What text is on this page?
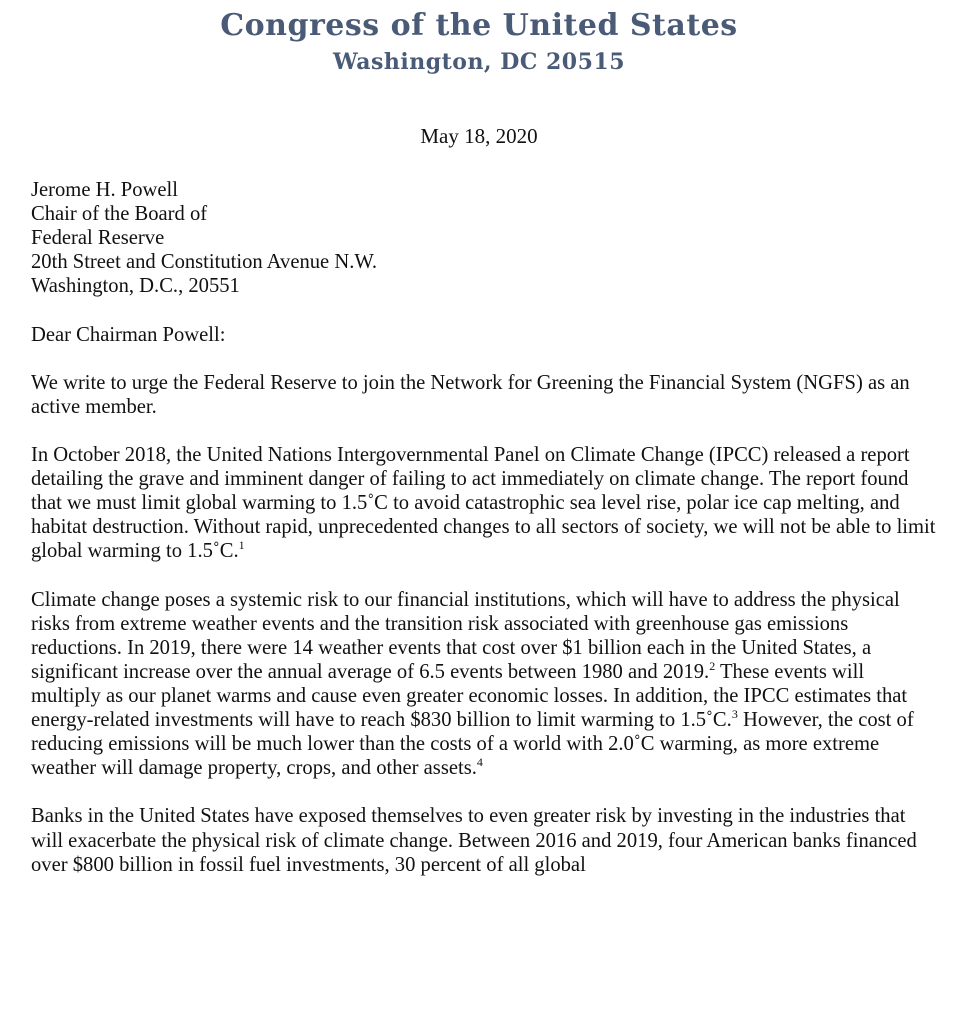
Congress of the United States
Washington, DC 20515
May 18, 2020
Jerome H. Powell
Chair of the Board of
Federal Reserve
20th Street and Constitution Avenue N.W.
Washington, D.C., 20551

Dear Chairman Powell:

We write to urge the Federal Reserve to join the Network for Greening the Financial System (NGFS) as an active member.

In October 2018, the United Nations Intergovernmental Panel on Climate Change (IPCC) released a report detailing the grave and imminent danger of failing to act immediately on climate change. The report found that we must limit global warming to 1.5˚C to avoid catastrophic sea level rise, polar ice cap melting, and habitat destruction. Without rapid, unprecedented changes to all sectors of society, we will not be able to limit global warming to 1.5˚C.$^1$

Climate change poses a systemic risk to our financial institutions, which will have to address the physical risks from extreme weather events and the transition risk associated with greenhouse gas emissions reductions. In 2019, there were 14 weather events that cost over $1 billion each in the United States, a significant increase over the annual average of 6.5 events between 1980 and 2019.$^2$ These events will multiply as our planet warms and cause even greater economic losses. In addition, the IPCC estimates that energy-related investments will have to reach $830 billion to limit warming to 1.5˚C.$^3$ However, the cost of reducing emissions will be much lower than the costs of a world with 2.0˚C warming, as more extreme weather will damage property, crops, and other assets.$^4$

Banks in the United States have exposed themselves to even greater risk by investing in the industries that will exacerbate the physical risk of climate change. Between 2016 and 2019, four American banks financed over $800 billion in fossil fuel investments, 30 percent of all global
